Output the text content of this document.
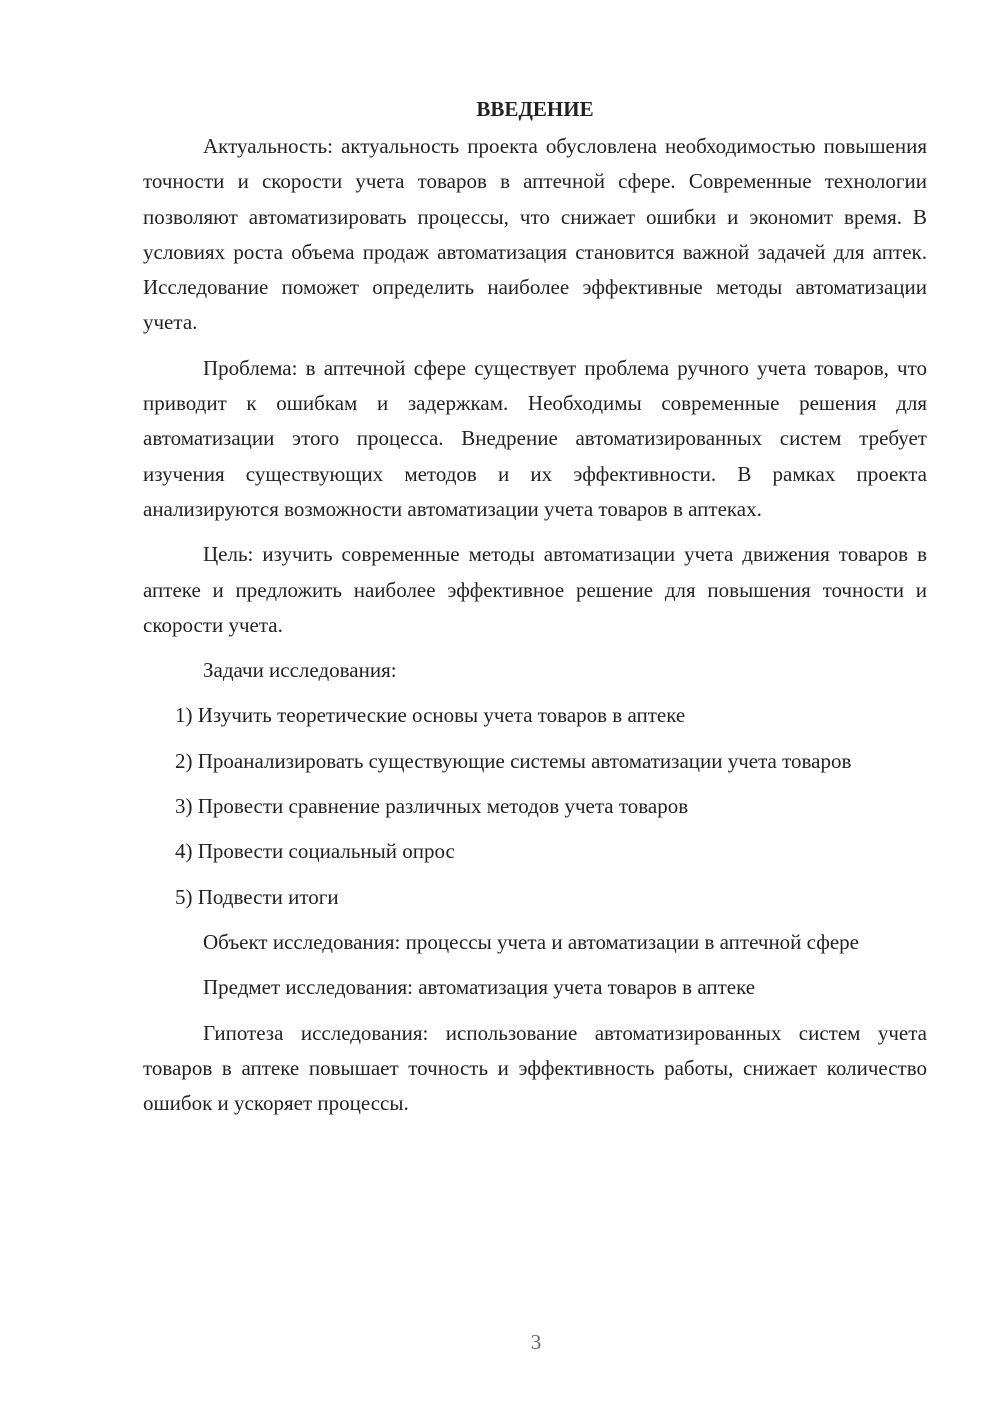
ВВЕДЕНИЕ

Актуальность: актуальность проекта обусловлена необходимостью повышения точности и скорости учета товаров в аптечной сфере. Современные технологии позволяют автоматизировать процессы, что снижает ошибки и экономит время. В условиях роста объема продаж автоматизация становится важной задачей для аптек. Исследование поможет определить наиболее эффективные методы автоматизации учета.

Проблема: в аптечной сфере существует проблема ручного учета товаров, что приводит к ошибкам и задержкам. Необходимы современные решения для автоматизации этого процесса. Внедрение автоматизированных систем требует изучения существующих методов и их эффективности. В рамках проекта анализируются возможности автоматизации учета товаров в аптеках.

Цель: изучить современные методы автоматизации учета движения товаров в аптеке и предложить наиболее эффективное решение для повышения точности и скорости учета.

Задачи исследования:

1) Изучить теоретические основы учета товаров в аптеке

2) Проанализировать существующие системы автоматизации учета товаров

3) Провести сравнение различных методов учета товаров

4) Провести социальный опрос

5) Подвести итоги

Объект исследования: процессы учета и автоматизации в аптечной сфере

Предмет исследования: автоматизация учета товаров в аптеке

Гипотеза исследования: использование автоматизированных систем учета товаров в аптеке повышает точность и эффективность работы, снижает количество ошибок и ускоряет процессы.

3
